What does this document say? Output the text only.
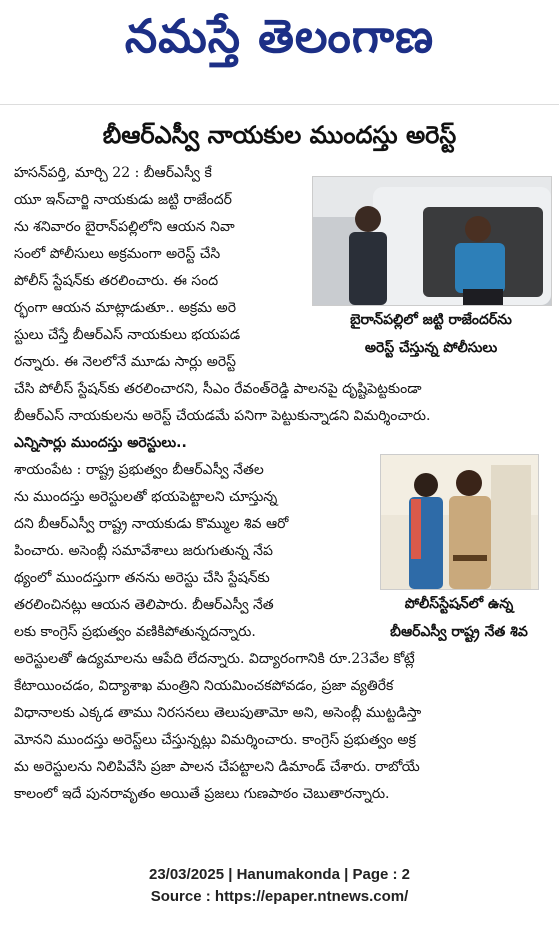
నమస్తే తెలంగాణ
బీఆర్ఎస్వీ నాయకుల ముందస్తు అరెస్ట్
బైరాన్‌పల్లిలో జట్టి రాజేందర్‌ను
అరెస్ట్ చేస్తున్న పోలీసులు
హసన్‌పర్తి, మార్చి 22 : బీఆర్ఎస్వీ కే
యూ ఇన్‌చార్జి నాయకుడు జట్టి రాజేందర్
ను శనివారం బైరాన్‌పల్లిలోని ఆయన నివా
సంలో పోలీసులు అక్రమంగా అరెస్ట్ చేసి
పోలీస్ స్టేషన్‌కు తరలించారు. ఈ సంద
ర్భంగా ఆయన మాట్లాడుతూ.. అక్రమ అరె
స్టులు చేస్తే బీఆర్ఎస్ నాయకులు భయపడ
రన్నారు. ఈ నెలలోనే మూడు సార్లు అరెస్ట్
చేసి పోలీస్ స్టేషన్‌కు తరలించారని, సీఎం రేవంత్‌రెడ్డి పాలనపై దృష్టిపెట్టకుండా
బీఆర్ఎస్ నాయకులను అరెస్ట్ చేయడమే పనిగా పెట్టుకున్నాడని విమర్శించారు.
ఎన్నిసార్లు ముందస్తు అరెస్టులు..
పోలీస్‌స్టేషన్‌లో ఉన్న
బీఆర్ఎస్వీ రాష్ట్ర నేత శివ
శాయంపేట : రాష్ట్ర ప్రభుత్వం బీఆర్ఎస్వీ నేతల
ను ముందస్తు అరెస్టులతో భయపెట్టాలని చూస్తున్న
దని బీఆర్ఎస్వీ రాష్ట్ర నాయకుడు కొమ్ముల శివ ఆరో
పించారు. అసెంబ్లీ సమావేశాలు జరుగుతున్న నేప
థ్యంలో ముందస్తుగా తనను అరెస్టు చేసి స్టేషన్‌కు
తరలించినట్లు ఆయన తెలిపారు. బీఆర్ఎస్వీ నేత
లకు కాంగ్రెస్ ప్రభుత్వం వణికిపోతున్నదన్నారు.
అరెస్టులతో ఉద్యమాలను ఆపేది లేదన్నారు. విద్యారంగానికి రూ.23వేల కోట్లే
కేటాయించడం, విద్యాశాఖ మంత్రిని నియమించకపోవడం, ప్రజా వ్యతిరేక
విధానాలకు ఎక్కడ తాము నిరసనలు తెలుపుతామో అని, అసెంబ్లీ ముట్టడిస్తా
మోనని ముందస్తు అరెస్ట్‌లు చేస్తున్నట్లు విమర్శించారు. కాంగ్రెస్ ప్రభుత్వం అక్ర
మ అరెస్టులను నిలిపివేసి ప్రజా పాలన చేపట్టాలని డిమాండ్ చేశారు. రాబోయే
కాలంలో ఇదే పునరావృతం అయితే ప్రజలు గుణపాఠం చెబుతారన్నారు.
23/03/2025 | Hanumakonda | Page : 2
Source : https://epaper.ntnews.com/
